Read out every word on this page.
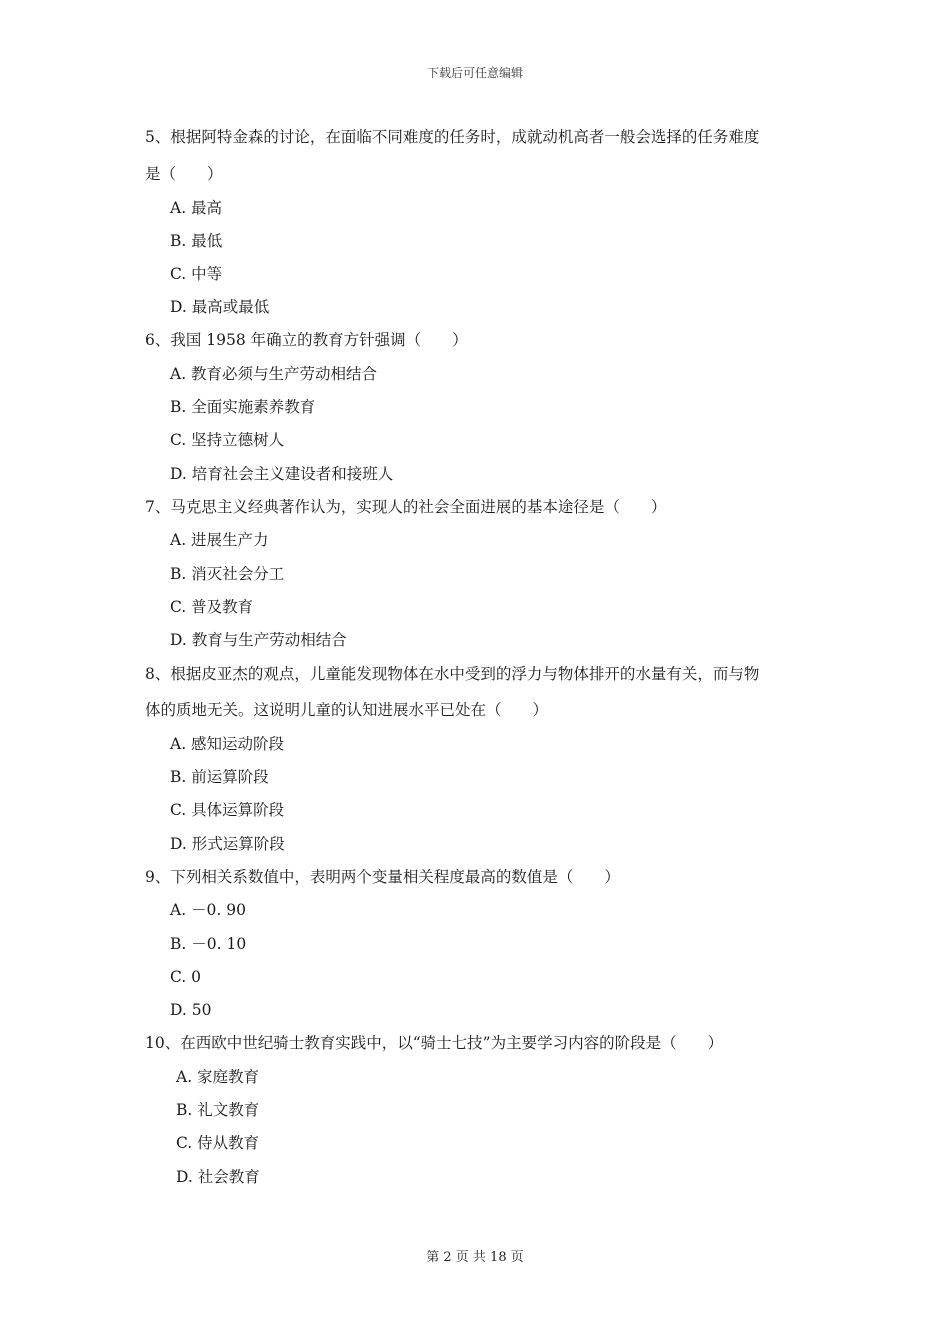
下载后可任意编辑
5、根据阿特金森的讨论，在面临不同难度的任务时，成就动机高者一般会选择的任务难度
是（　　）
A. 最高
B. 最低
C. 中等
D. 最高或最低
6、我国 1958 年确立的教育方针强调（　　）
A. 教育必须与生产劳动相结合
B. 全面实施素养教育
C. 坚持立德树人
D. 培育社会主义建设者和接班人
7、马克思主义经典著作认为，实现人的社会全面进展的基本途径是（　　）
A. 进展生产力
B. 消灭社会分工
C. 普及教育
D. 教育与生产劳动相结合
8、根据皮亚杰的观点，儿童能发现物体在水中受到的浮力与物体排开的水量有关，而与物
体的质地无关。这说明儿童的认知进展水平已处在（　　）
A. 感知运动阶段
B. 前运算阶段
C. 具体运算阶段
D. 形式运算阶段
9、下列相关系数值中，表明两个变量相关程度最高的数值是（　　）
A. －0. 90
B. －0. 10
C. 0
D. 50
10、在西欧中世纪骑士教育实践中，以“骑士七技”为主要学习内容的阶段是（　　）
A. 家庭教育
B. 礼文教育
C. 侍从教育
D. 社会教育
第 2 页 共 18 页
